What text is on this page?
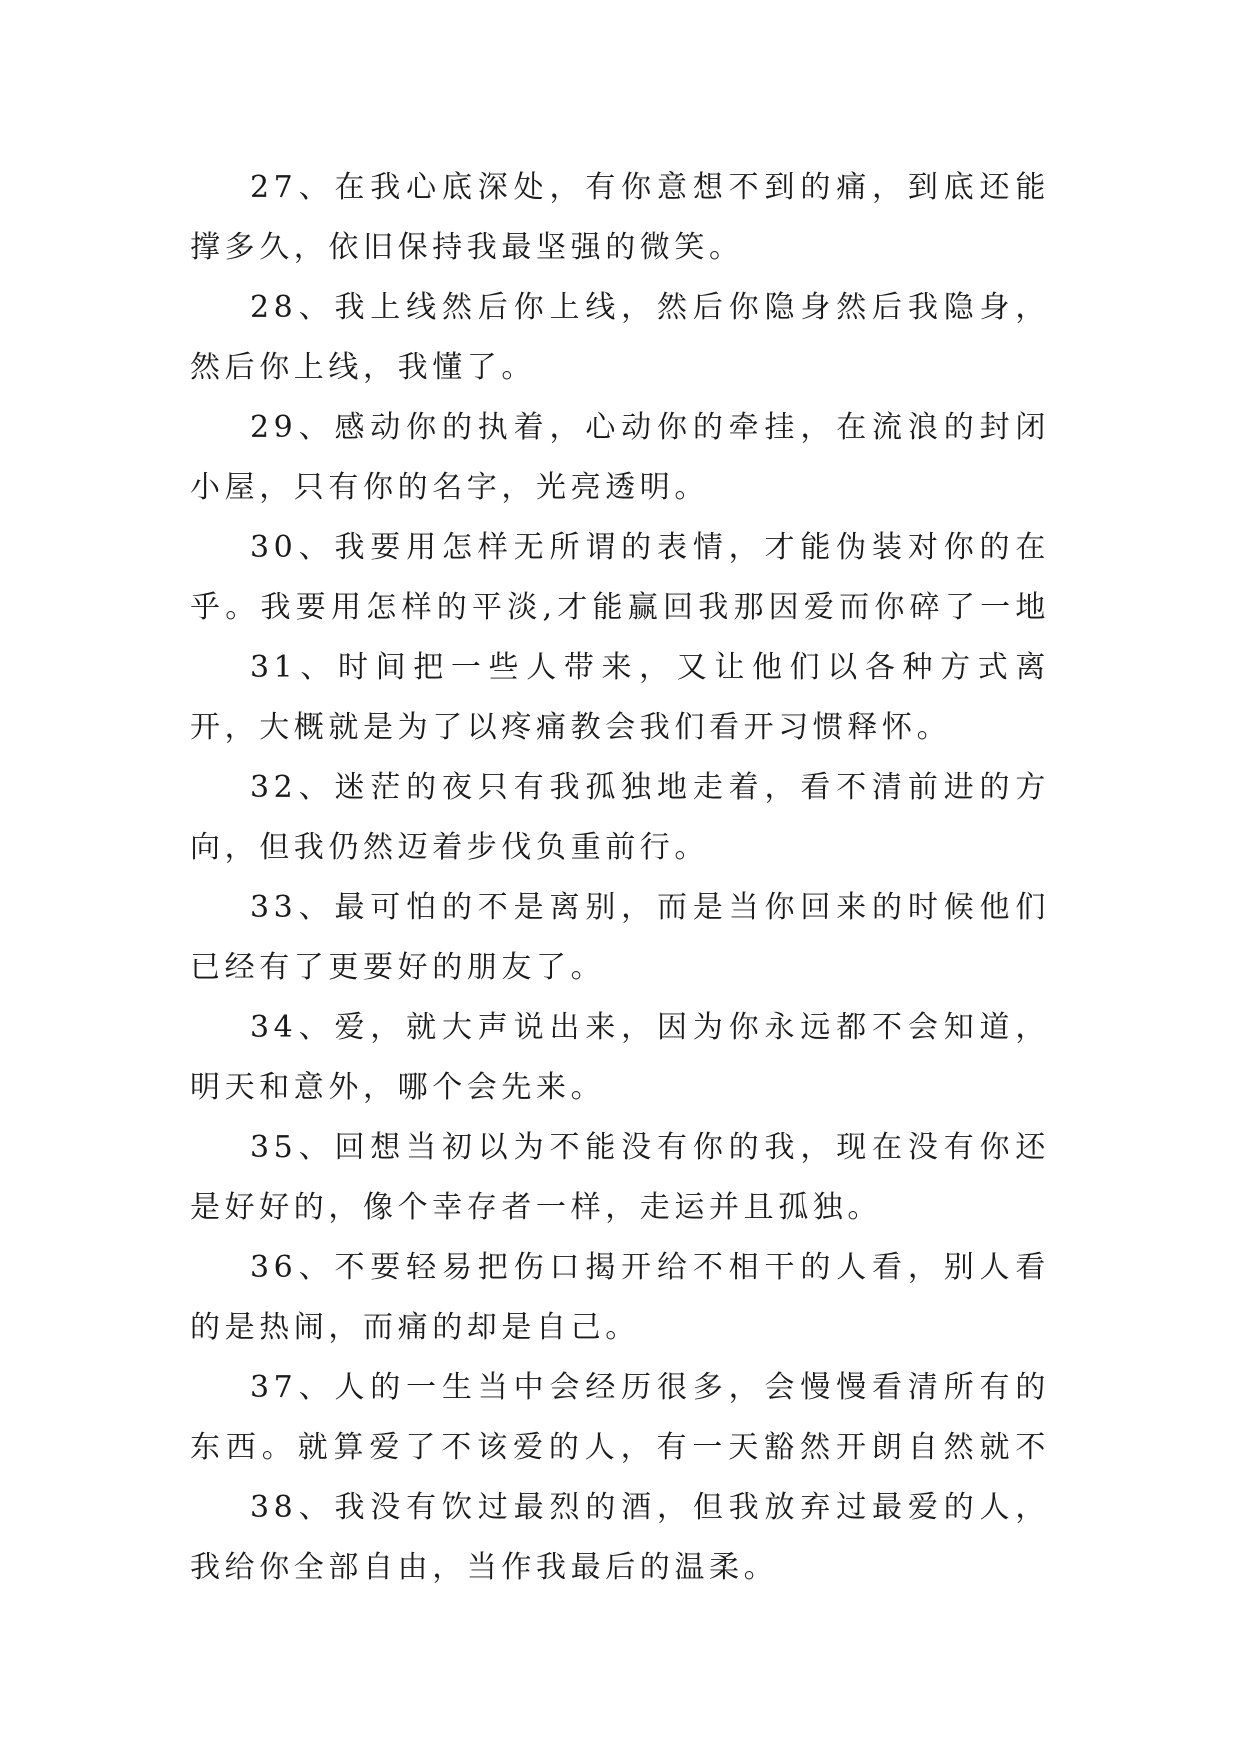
27、在我心底深处，有你意想不到的痛，到底还能撑多久，依旧保持我最坚强的微笑。

28、我上线然后你上线，然后你隐身然后我隐身，然后你上线，我懂了。

29、感动你的执着，心动你的牵挂，在流浪的封闭小屋，只有你的名字，光亮透明。

30、我要用怎样无所谓的表情，才能伪装对你的在乎。我要用怎样的平淡,才能赢回我那因爱而你碎了一地

31、时间把一些人带来，又让他们以各种方式离开，大概就是为了以疼痛教会我们看开习惯释怀。

32、迷茫的夜只有我孤独地走着，看不清前进的方向，但我仍然迈着步伐负重前行。

33、最可怕的不是离别，而是当你回来的时候他们已经有了更要好的朋友了。

34、爱，就大声说出来，因为你永远都不会知道，明天和意外，哪个会先来。

35、回想当初以为不能没有你的我，现在没有你还是好好的，像个幸存者一样，走运并且孤独。

36、不要轻易把伤口揭开给不相干的人看，别人看的是热闹，而痛的却是自己。

37、人的一生当中会经历很多，会慢慢看清所有的东西。就算爱了不该爱的人，有一天豁然开朗自然就不

38、我没有饮过最烈的酒，但我放弃过最爱的人，我给你全部自由，当作我最后的温柔。
